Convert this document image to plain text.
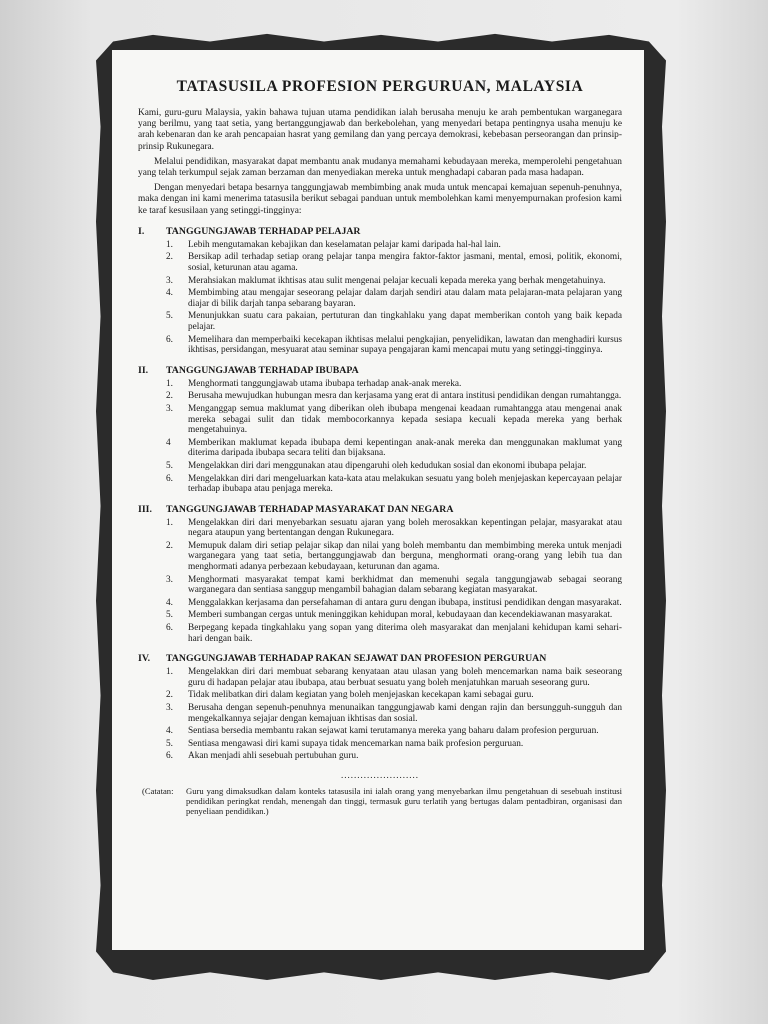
TATASUSILA PROFESION PERGURUAN, MALAYSIA

Kami, guru-guru Malaysia, yakin bahawa tujuan utama pendidikan ialah berusaha menuju ke arah pembentukan warganegara yang berilmu, yang taat setia, yang bertanggungjawab dan berkebolehan, yang menyedari betapa pentingnya usaha menuju ke arah kebenaran dan ke arah pencapaian hasrat yang gemilang dan yang percaya demokrasi, kebebasan perseorangan dan prinsip-prinsip Rukunegara.

Melalui pendidikan, masyarakat dapat membantu anak mudanya memahami kebudayaan mereka, memperolehi pengetahuan yang telah terkumpul sejak zaman berzaman dan menyediakan mereka untuk menghadapi cabaran pada masa hadapan.

Dengan menyedari betapa besarnya tanggungjawab membimbing anak muda untuk mencapai kemajuan sepenuh-penuhnya, maka dengan ini kami menerima tatasusila berikut sebagai panduan untuk membolehkan kami menyempurnakan profesion kami ke taraf kesusilaan yang setinggi-tingginya:

I.	TANGGUNGJAWAB TERHADAP PELAJAR
1.	Lebih mengutamakan kebajikan dan keselamatan pelajar kami daripada hal-hal lain.
2.	Bersikap adil terhadap setiap orang pelajar tanpa mengira faktor-faktor jasmani, mental, emosi, politik, ekonomi, sosial, keturunan atau agama.
3.	Merahsiakan maklumat ikhtisas atau sulit mengenai pelajar kecuali kepada mereka yang berhak mengetahuinya.
4.	Membimbing atau mengajar seseorang pelajar dalam darjah sendiri atau dalam mata pelajaran-mata pelajaran yang diajar di bilik darjah tanpa sebarang bayaran.
5.	Menunjukkan suatu cara pakaian, pertuturan dan tingkahlaku yang dapat memberikan contoh yang baik kepada pelajar.
6.	Memelihara dan memperbaiki kecekapan ikhtisas melalui pengkajian, penyelidikan, lawatan dan menghadiri kursus ikhtisas, persidangan, mesyuarat atau seminar supaya pengajaran kami mencapai mutu yang setinggi-tingginya.
II.	TANGGUNGJAWAB TERHADAP IBUBAPA
1.	Menghormati tanggungjawab utama ibubapa terhadap anak-anak mereka.
2.	Berusaha mewujudkan hubungan mesra dan kerjasama yang erat di antara institusi pendidikan dengan rumahtangga.
3.	Menganggap semua maklumat yang diberikan oleh ibubapa mengenai keadaan rumahtangga atau mengenai anak mereka sebagai sulit dan tidak membocorkannya kepada sesiapa kecuali kepada mereka yang berhak mengetahuinya.
4	Memberikan maklumat kepada ibubapa demi kepentingan anak-anak mereka dan menggunakan maklumat yang diterima daripada ibubapa secara teliti dan bijaksana.
5.	Mengelakkan diri dari menggunakan atau dipengaruhi oleh kedudukan sosial dan ekonomi ibubapa pelajar.
6.	Mengelakkan diri dari mengeluarkan kata-kata atau melakukan sesuatu yang boleh menjejaskan kepercayaan pelajar terhadap ibubapa atau penjaga mereka.
III.	TANGGUNGJAWAB TERHADAP MASYARAKAT DAN NEGARA
1.	Mengelakkan diri dari menyebarkan sesuatu ajaran yang boleh merosakkan kepentingan pelajar, masyarakat atau negara ataupun yang bertentangan dengan Rukunegara.
2.	Memupuk dalam diri setiap pelajar sikap dan nilai yang boleh membantu dan membimbing mereka untuk menjadi warganegara yang taat setia, bertanggungjawab dan berguna, menghormati orang-orang yang lebih tua dan menghormati adanya perbezaan kebudayaan, keturunan dan agama.
3.	Menghormati masyarakat tempat kami berkhidmat dan memenuhi segala tanggungjawab sebagai seorang warganegara dan sentiasa sanggup mengambil bahagian dalam sebarang kegiatan masyarakat.
4.	Menggalakkan kerjasama dan persefahaman di antara guru dengan ibubapa, institusi pendidikan dengan masyarakat.
5.	Memberi sumbangan cergas untuk meninggikan kehidupan moral, kebudayaan dan kecendekiawanan masyarakat.
6.	Berpegang kepada tingkahlaku yang sopan yang diterima oleh masyarakat dan menjalani kehidupan kami sehari-hari dengan baik.
IV.	TANGGUNGJAWAB TERHADAP RAKAN SEJAWAT DAN PROFESION PERGURUAN
1.	Mengelakkan diri dari membuat sebarang kenyataan atau ulasan yang boleh mencemarkan nama baik seseorang guru di hadapan pelajar atau ibubapa, atau berbuat sesuatu yang boleh menjatuhkan maruah seseorang guru.
2.	Tidak melibatkan diri dalam kegiatan yang boleh menjejaskan kecekapan kami sebagai guru.
3.	Berusaha dengan sepenuh-penuhnya menunaikan tanggungjawab kami dengan rajin dan bersungguh-sungguh dan mengekalkannya sejajar dengan kemajuan ikhtisas dan sosial.
4.	Sentiasa bersedia membantu rakan sejawat kami terutamanya mereka yang baharu dalam profesion perguruan.
5.	Sentiasa mengawasi diri kami supaya tidak mencemarkan nama baik profesion perguruan.
6.	Akan menjadi ahli sesebuah pertubuhan guru.
........................
(Catatan:	Guru yang dimaksudkan dalam konteks tatasusila ini ialah orang yang menyebarkan ilmu pengetahuan di sesebuah institusi pendidikan peringkat rendah, menengah dan tinggi, termasuk guru terlatih yang bertugas dalam pentadbiran, organisasi dan penyeliaan pendidikan.)
